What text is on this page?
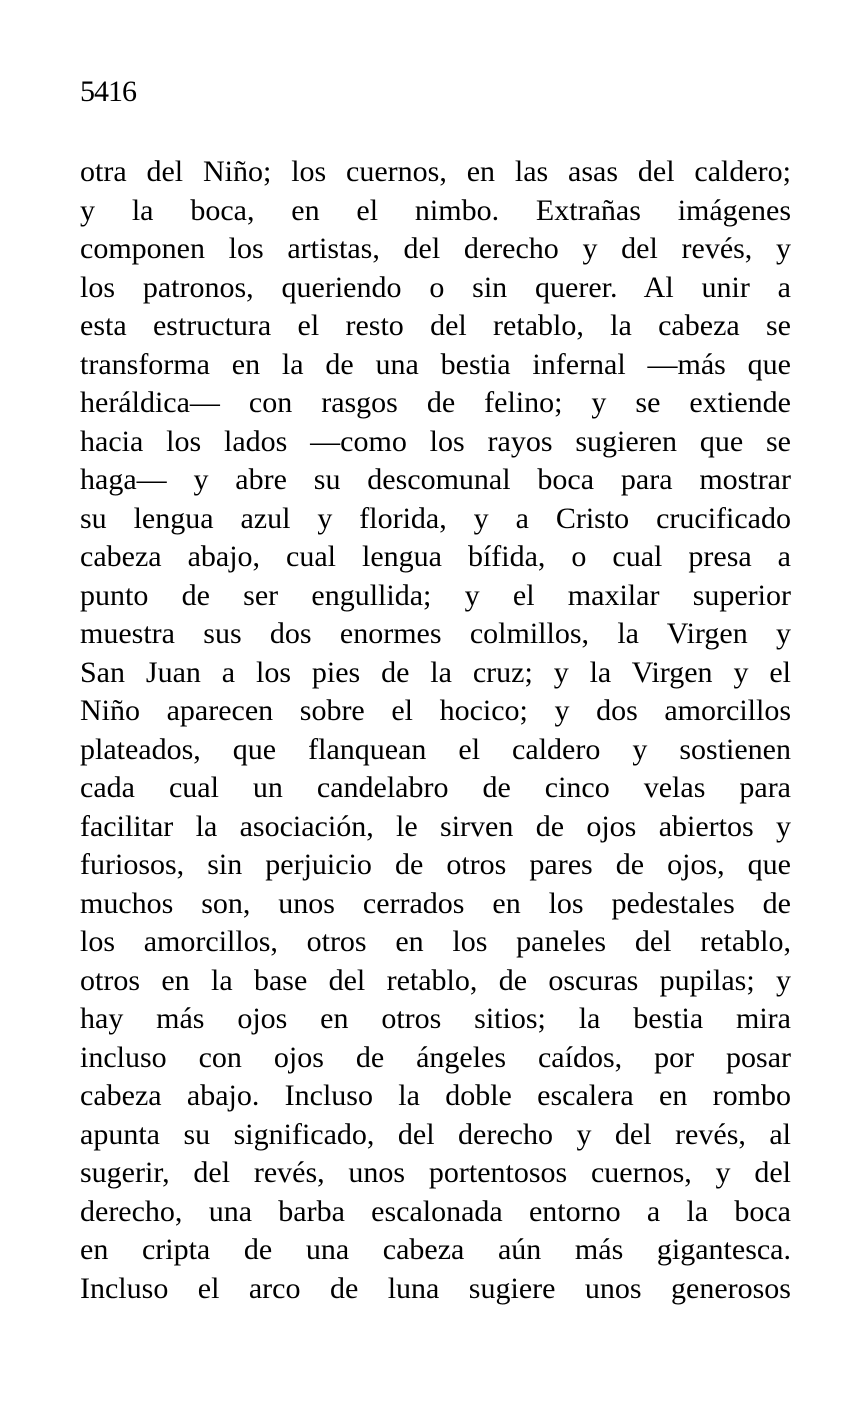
5416
otra del Niño; los cuernos, en las asas del caldero;
y la boca, en el nimbo. Extrañas imágenes
componen los artistas, del derecho y del revés, y
los patronos, queriendo o sin querer. Al unir a
esta estructura el resto del retablo, la cabeza se
transforma en la de una bestia infernal —más que
heráldica— con rasgos de felino; y se extiende
hacia los lados —como los rayos sugieren que se
haga— y abre su descomunal boca para mostrar
su lengua azul y florida, y a Cristo crucificado
cabeza abajo, cual lengua bífida, o cual presa a
punto de ser engullida; y el maxilar superior
muestra sus dos enormes colmillos, la Virgen y
San Juan a los pies de la cruz; y la Virgen y el
Niño aparecen sobre el hocico; y dos amorcillos
plateados, que flanquean el caldero y sostienen
cada cual un candelabro de cinco velas para
facilitar la asociación, le sirven de ojos abiertos y
furiosos, sin perjuicio de otros pares de ojos, que
muchos son, unos cerrados en los pedestales de
los amorcillos, otros en los paneles del retablo,
otros en la base del retablo, de oscuras pupilas; y
hay más ojos en otros sitios; la bestia mira
incluso con ojos de ángeles caídos, por posar
cabeza abajo. Incluso la doble escalera en rombo
apunta su significado, del derecho y del revés, al
sugerir, del revés, unos portentosos cuernos, y del
derecho, una barba escalonada entorno a la boca
en cripta de una cabeza aún más gigantesca.
Incluso el arco de luna sugiere unos generosos
